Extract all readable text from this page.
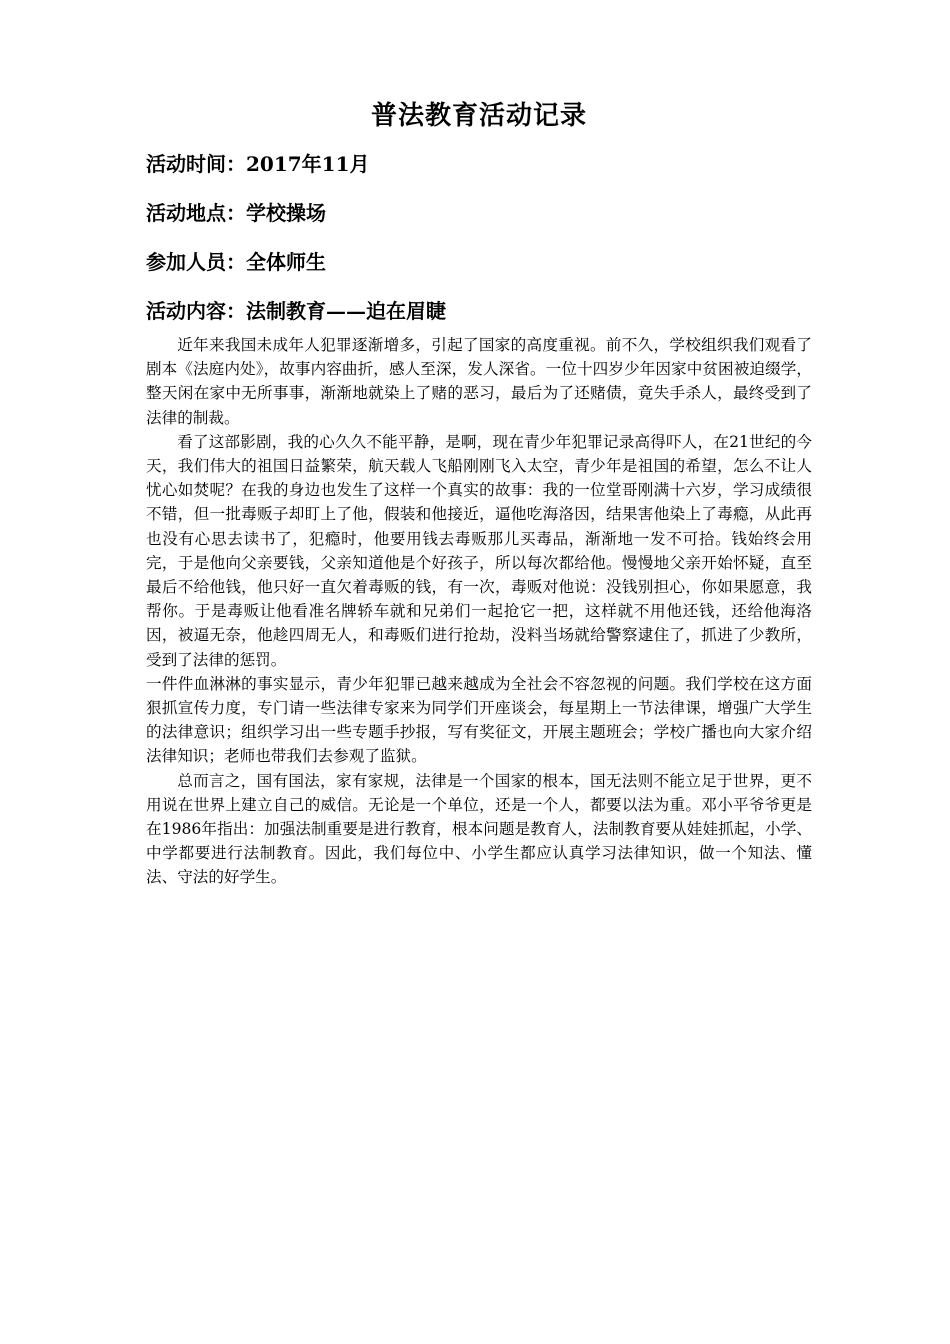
普法教育活动记录
活动时间：2017年11月
活动地点：学校操场
参加人员：全体师生
活动内容：法制教育——迫在眉睫

近年来我国未成年人犯罪逐渐增多，引起了国家的高度重视。前不久，学校组织我们观看了剧本《法庭内处》，故事内容曲折，感人至深，发人深省。一位十四岁少年因家中贫困被迫缀学，整天闲在家中无所事事，渐渐地就染上了赌的恶习，最后为了还赌债，竟失手杀人，最终受到了法律的制裁。

看了这部影剧，我的心久久不能平静，是啊，现在青少年犯罪记录高得吓人，在21世纪的今天，我们伟大的祖国日益繁荣，航天载人飞船刚刚飞入太空，青少年是祖国的希望，怎么不让人忧心如焚呢？在我的身边也发生了这样一个真实的故事：我的一位堂哥刚满十六岁，学习成绩很不错，但一批毒贩子却盯上了他，假装和他接近，逼他吃海洛因，结果害他染上了毒瘾，从此再也没有心思去读书了，犯瘾时，他要用钱去毒贩那儿买毒品，渐渐地一发不可拾。钱始终会用完，于是他向父亲要钱，父亲知道他是个好孩子，所以每次都给他。慢慢地父亲开始怀疑，直至最后不给他钱，他只好一直欠着毒贩的钱，有一次，毒贩对他说：没钱别担心，你如果愿意，我帮你。于是毒贩让他看准名牌轿车就和兄弟们一起抢它一把，这样就不用他还钱，还给他海洛因，被逼无奈，他趁四周无人，和毒贩们进行抢劫，没料当场就给警察逮住了，抓进了少教所，受到了法律的惩罚。

一件件血淋淋的事实显示，青少年犯罪已越来越成为全社会不容忽视的问题。我们学校在这方面狠抓宣传力度，专门请一些法律专家来为同学们开座谈会，每星期上一节法律课，增强广大学生的法律意识；组织学习出一些专题手抄报，写有奖征文，开展主题班会；学校广播也向大家介绍法律知识；老师也带我们去参观了监狱。

总而言之，国有国法，家有家规，法律是一个国家的根本，国无法则不能立足于世界，更不用说在世界上建立自己的威信。无论是一个单位，还是一个人，都要以法为重。邓小平爷爷更是在1986年指出：加强法制重要是进行教育，根本问题是教育人，法制教育要从娃娃抓起，小学、中学都要进行法制教育。因此，我们每位中、小学生都应认真学习法律知识，做一个知法、懂法、守法的好学生。
